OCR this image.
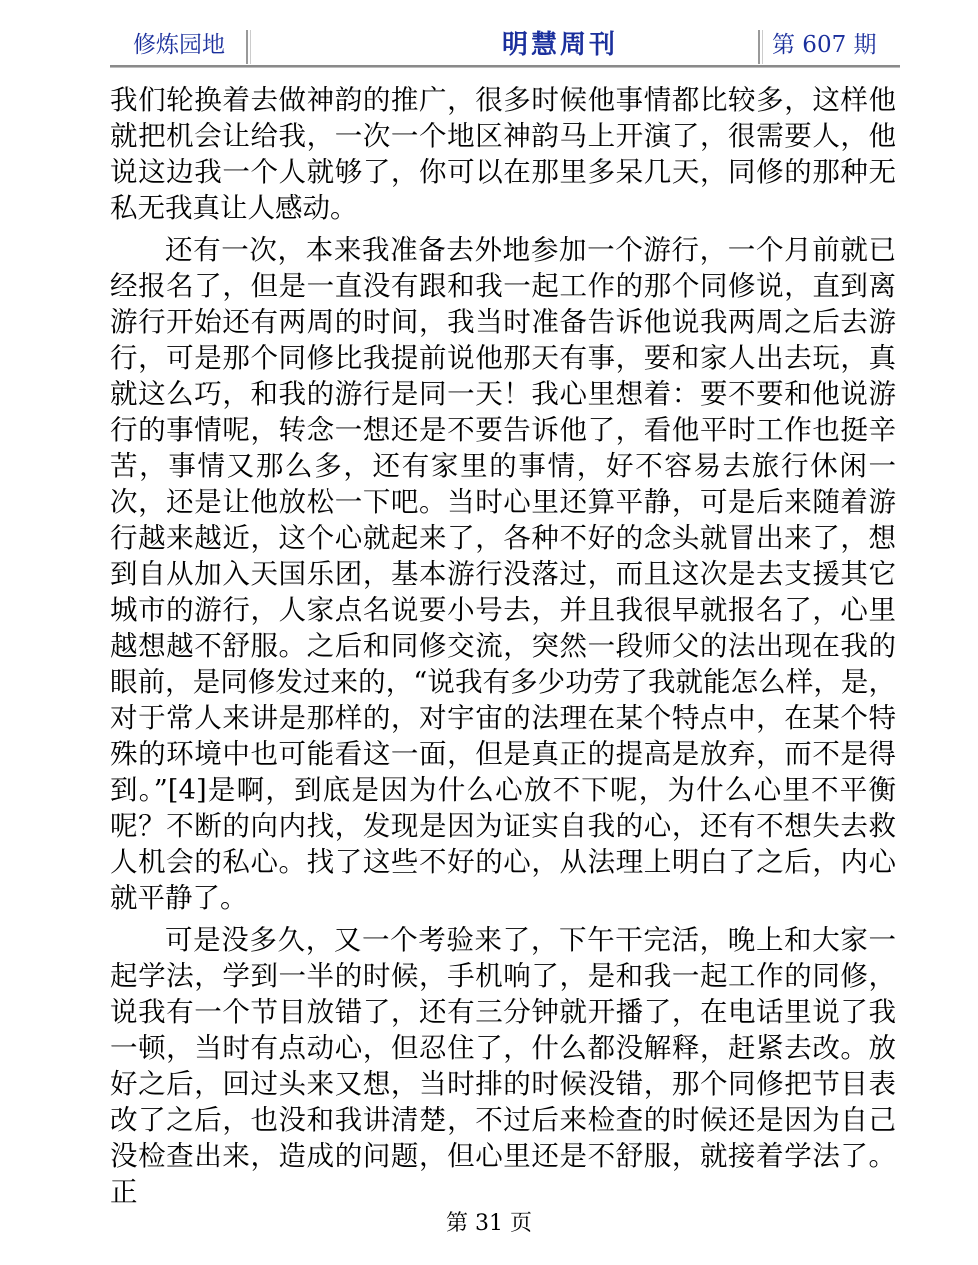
修炼园地	明慧周刊	第 607 期

我们轮换着去做神韵的推广，很多时候他事情都比较多，这样他就把机会让给我，一次一个地区神韵马上开演了，很需要人，他说这边我一个人就够了，你可以在那里多呆几天，同修的那种无私无我真让人感动。

还有一次，本来我准备去外地参加一个游行，一个月前就已经报名了，但是一直没有跟和我一起工作的那个同修说，直到离游行开始还有两周的时间，我当时准备告诉他说我两周之后去游行，可是那个同修比我提前说他那天有事，要和家人出去玩，真就这么巧，和我的游行是同一天！我心里想着：要不要和他说游行的事情呢，转念一想还是不要告诉他了，看他平时工作也挺辛苦，事情又那么多，还有家里的事情，好不容易去旅行休闲一次，还是让他放松一下吧。当时心里还算平静，可是后来随着游行越来越近，这个心就起来了，各种不好的念头就冒出来了，想到自从加入天国乐团，基本游行没落过，而且这次是去支援其它城市的游行，人家点名说要小号去，并且我很早就报名了，心里越想越不舒服。之后和同修交流，突然一段师父的法出现在我的眼前，是同修发过来的，“说我有多少功劳了我就能怎么样，是，对于常人来讲是那样的，对宇宙的法理在某个特点中，在某个特殊的环境中也可能看这一面，但是真正的提高是放弃，而不是得到。”[4]是啊，到底是因为什么心放不下呢，为什么心里不平衡呢？不断的向内找，发现是因为证实自我的心，还有不想失去救人机会的私心。找了这些不好的心，从法理上明白了之后，内心就平静了。

可是没多久，又一个考验来了，下午干完活，晚上和大家一起学法，学到一半的时候，手机响了，是和我一起工作的同修，说我有一个节目放错了，还有三分钟就开播了，在电话里说了我一顿，当时有点动心，但忍住了，什么都没解释，赶紧去改。放好之后，回过头来又想，当时排的时候没错，那个同修把节目表改了之后，也没和我讲清楚，不过后来检查的时候还是因为自己没检查出来，造成的问题，但心里还是不舒服，就接着学法了。正

第 31 页
